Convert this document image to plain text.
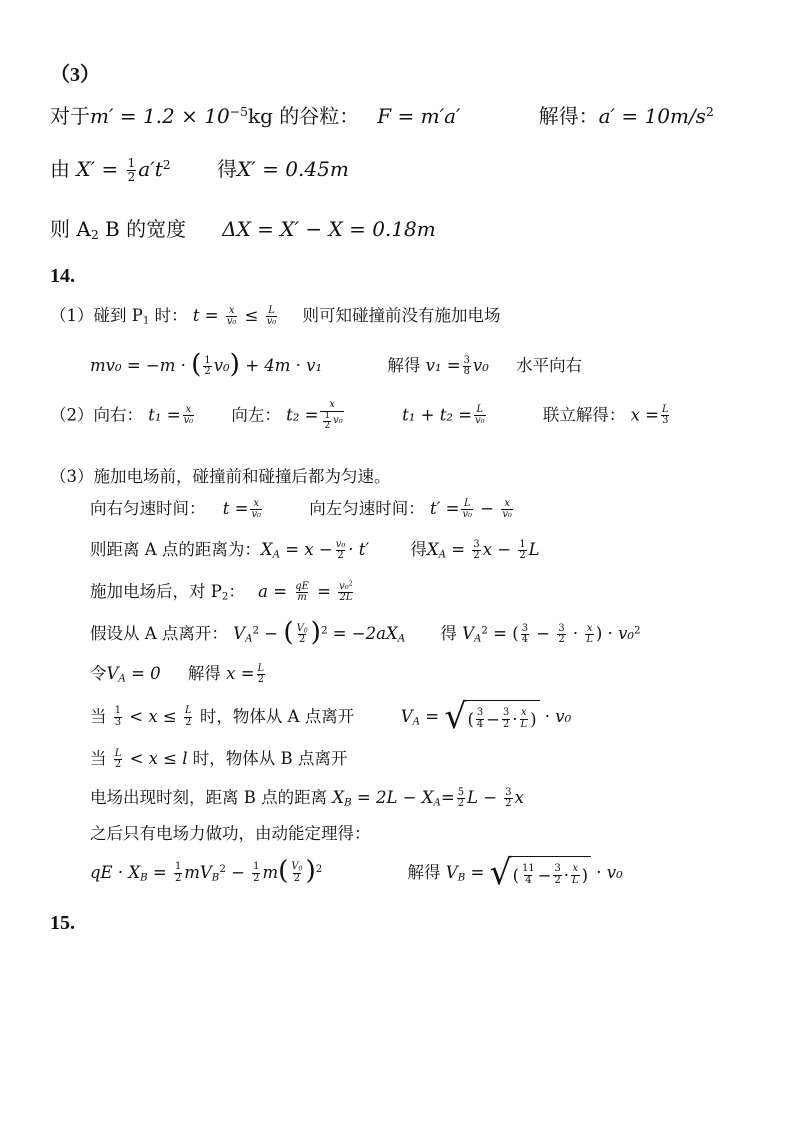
（3）
对于$m' = 1.2 \times 10^{-5}kg$ 的谷粒： F = m′a′	解得：$a' = 10m/s^2$
由 $X' = \frac{1}{2} a't^2$ 得X′ = 0.45m
则 $A_2$ B 的宽度 ΔX = X′ − X = 0.18m
14.
（1）碰到 $P_1$ 时： $t = \frac{x}{\text{v₀}} \le \frac{L}{\text{v₀}}$ 则可知碰撞前没有施加电场
mv₀ = −m · ( $\frac{1}{2} v_0) + 4m \cdot v_1$	解得 $v_1 = \frac{3}{8} v_0$ 水平向右
（2）向右： $t_1 = \frac{x}{\text{v₀}}$ 向左： t₂ = x
1
2 v₀	$t_1 + t_2 = \frac{L}{\text{v₀}}$	联立解得： $x = \frac{L}{3}$
（3）施加电场前，碰撞前和碰撞后都为匀速。
向右匀速时间： $t = \frac{x}{\text{v₀}}$	向左匀速时间： $t' = \frac{L}{\text{v₀}} - \frac{x}{\text{v₀}}$
则距离 A 点的距离为：$X_A = x - \frac{\text{v₀}}{2} \cdot t'$	得$X_A = \frac{3}{2}$ $x - \frac{1}{2}$ L
施加电场后，对 $P_2$： $a = \frac{qE}{m} = \frac{v_0^2}{2L}$
假设从 A 点离开： $V_A^2$ − ( $\frac{V_0}{2} )^2 = -2aX_A$ 得 $V_A^2$ = ( $\frac{3}{4} - \frac{3}{2} \cdot \frac{x}{L}$ ) · v₀$^2$
令$V_A = 0$ 解得 $x = \frac{L}{2}$
当 $\frac{1}{3} < x \le \frac{L}{2}$ 时，物体从 A 点离开	$V_A$ = √ ( 3
4 − 3
2 · x
L ) · v₀
当 $\frac{L}{2} < x \le l$ 时，物体从 B 点离开
电场出现时刻，距离 B 点的距离 $X_B = 2L - X_A= \frac{5}{2}$ $L - \frac{3}{2}$ x
之后只有电场力做功，由动能定理得：
qE · $X_B = \frac{1}{2} mV_B^2 - \frac{1}{2} m( \frac{V_0}{2} )^2$	解得 $V_B$ = √ ( 11
4 − 3
2 · x
L ) · v₀
15.
